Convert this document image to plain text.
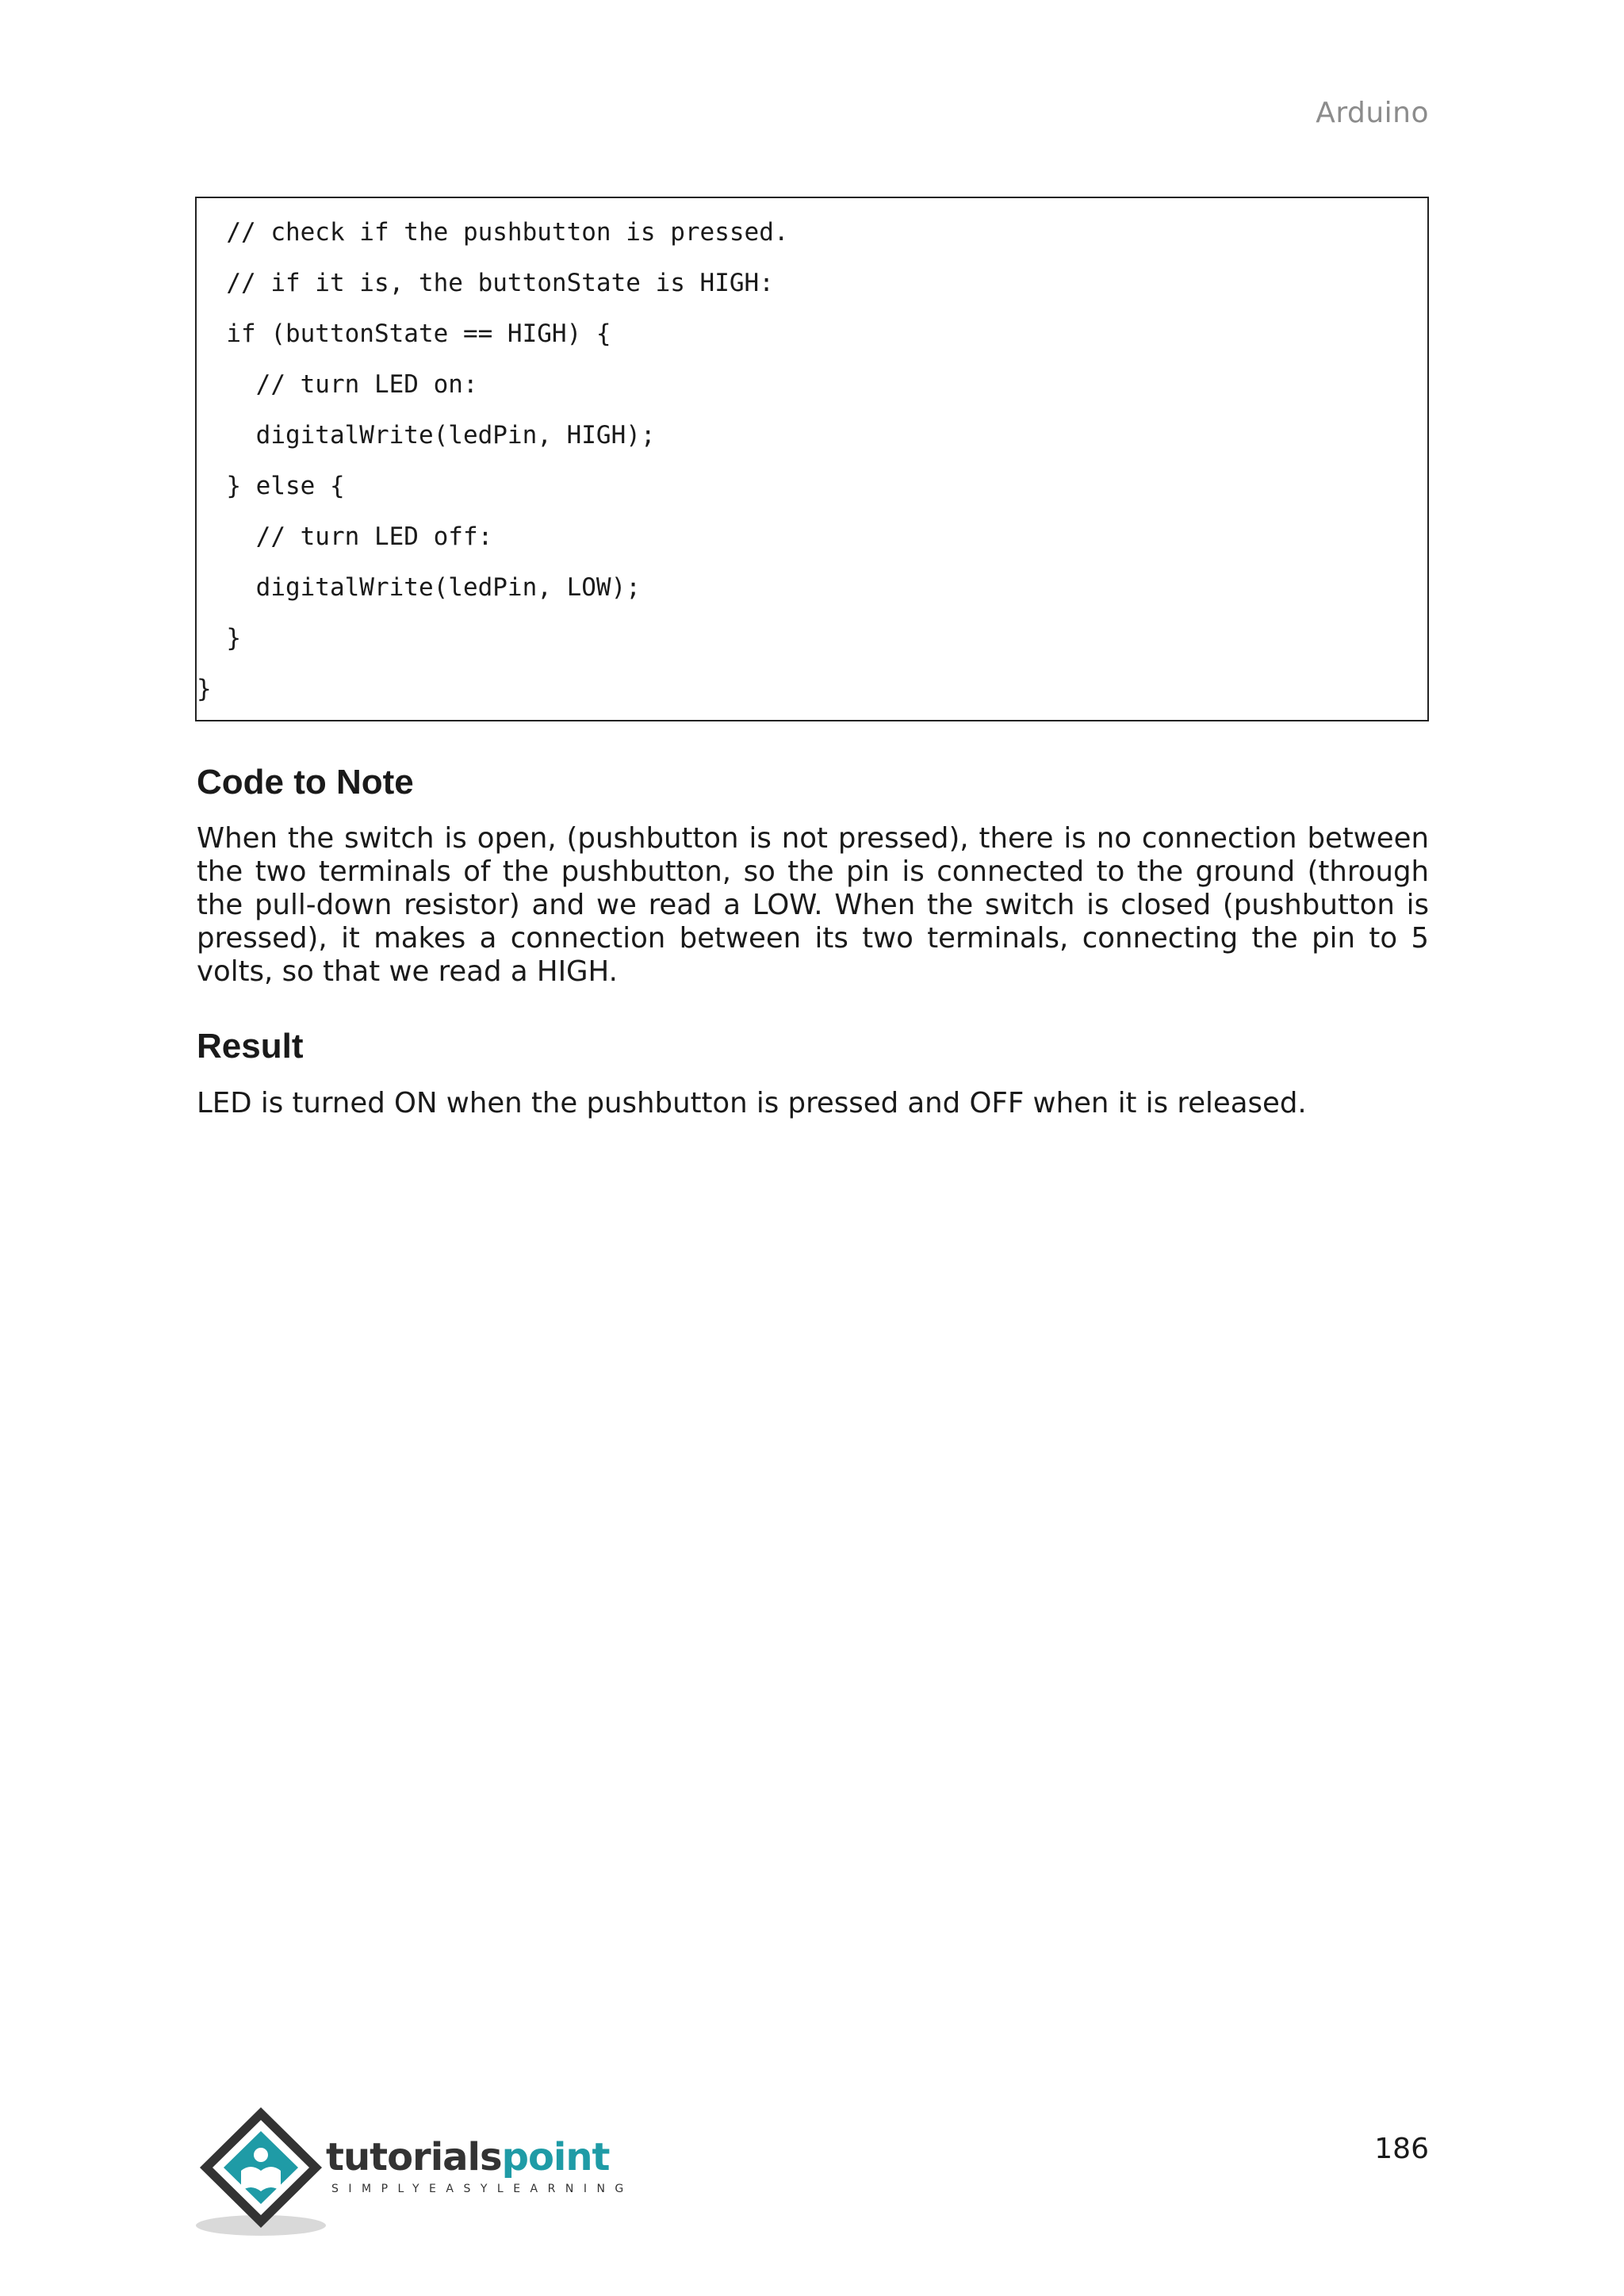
Arduino
// check if the pushbutton is pressed.
// if it is, the buttonState is HIGH:
if (buttonState == HIGH) {
// turn LED on:
digitalWrite(ledPin, HIGH);
} else {
// turn LED off:
digitalWrite(ledPin, LOW);
}
}
Code to Note

When the switch is open, (pushbutton is not pressed), there is no connection between the two terminals of the pushbutton, so the pin is connected to the ground (through the pull-down resistor) and we read a LOW. When the switch is closed (pushbutton is pressed), it makes a connection between its two terminals, connecting the pin to 5 volts, so that we read a HIGH.

Result

LED is turned ON when the pushbutton is pressed and OFF when it is released.

tutorialspoint
SIMPLYEASYLEARNING
186
